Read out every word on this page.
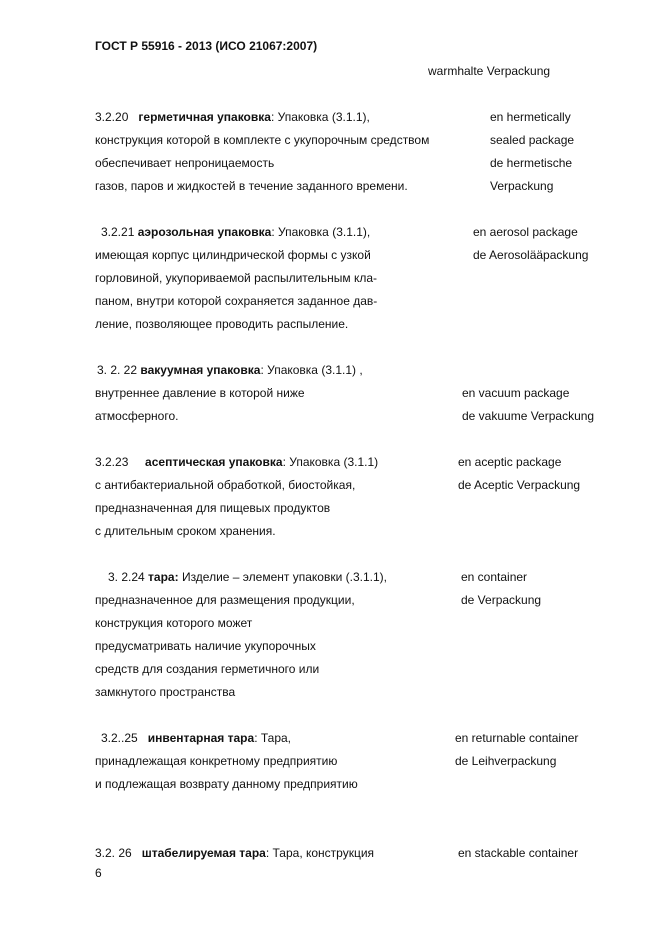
ГОСТ Р 55916 - 2013 (ИСО 21067:2007)
warmhalte Verpackung
3.2.20 герметичная упаковка: Упаковка (3.1.1),
конструкция которой в комплекте с укупорочным средством
обеспечивает непроницаемость
газов, паров и жидкостей в течение заданного времени.
en hermetically
sealed package
de hermetische
Verpackung
3.2.21 аэрозольная упаковка: Упаковка (3.1.1),
имеющая корпус цилиндрической формы с узкой
горловиной, укупориваемой распылительным кла-
паном, внутри которой сохраняется заданное дав-
ление, позволяющее проводить распыление.
en aerosol package
de Aerosolääpackung
3. 2. 22 вакуумная упаковка: Упаковка (3.1.1) ,
внутреннее давление в которой ниже
атмосферного.
en vacuum package
de vakuume Verpackung
3.2.23 асептическая упаковка: Упаковка (3.1.1)
с антибактериальной обработкой, биостойкая,
предназначенная для пищевых продуктов
с длительным сроком хранения.
en aceptic package
de Aceptic Verpackung
3. 2.24 тара: Изделие – элемент упаковки (.3.1.1),
предназначенное для размещения продукции,
конструкция которого может
предусматривать наличие укупорочных
средств для создания герметичного или
замкнутого пространства
en container
de Verpackung
3.2..25 инвентарная тара: Тара,
принадлежащая конкретному предприятию
и подлежащая возврату данному предприятию
en returnable container
de Leihverpackung
3.2. 26 штабелируемая тара: Тара, конструкция	en stackable container
6
